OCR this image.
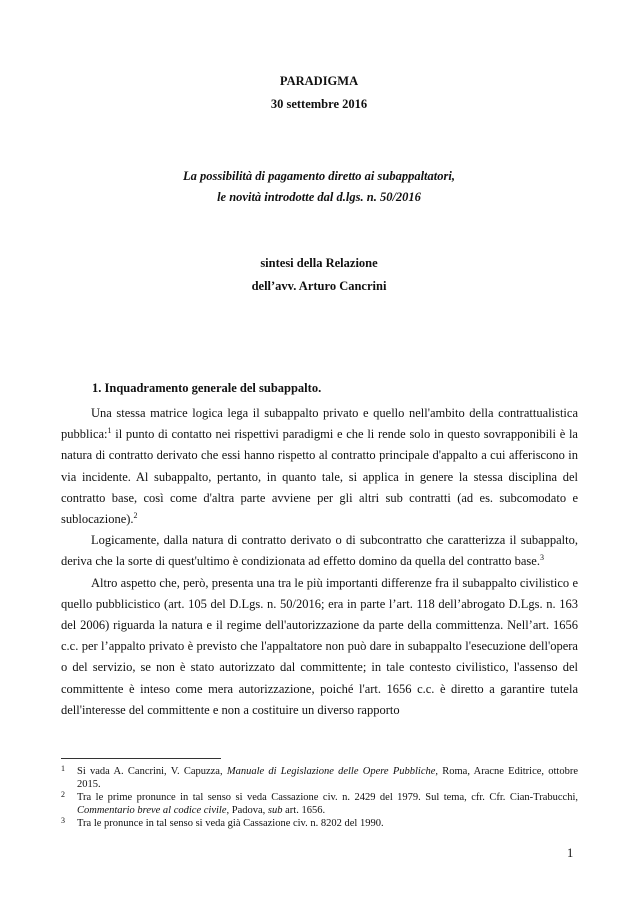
PARADIGMA
30 settembre 2016
La possibilità di pagamento diretto ai subappaltatori,
le novità introdotte dal d.lgs. n. 50/2016
sintesi della Relazione
dell’avv. Arturo Cancrini
1. Inquadramento generale del subappalto.

Una stessa matrice logica lega il subappalto privato e quello nell'ambito della contrattualistica pubblica:$^1$ il punto di contatto nei rispettivi paradigmi e che li rende solo in questo sovrapponibili è la natura di contratto derivato che essi hanno rispetto al contratto principale d'appalto a cui afferiscono in via incidente. Al subappalto, pertanto, in quanto tale, si applica in genere la stessa disciplina del contratto base, così come d'altra parte avviene per gli altri sub contratti (ad es. subcomodato e sublocazione).$^2$

Logicamente, dalla natura di contratto derivato o di subcontratto che caratterizza il subappalto, deriva che la sorte di quest'ultimo è condizionata ad effetto domino da quella del contratto base.$^3$

Altro aspetto che, però, presenta una tra le più importanti differenze fra il subappalto civilistico e quello pubblicistico (art. 105 del D.Lgs. n. 50/2016; era in parte l’art. 118 dell’abrogato D.Lgs. n. 163 del 2006) riguarda la natura e il regime dell'autorizzazione da parte della committenza. Nell’art. 1656 c.c. per l’appalto privato è previsto che l'appaltatore non può dare in subappalto l'esecuzione dell'opera o del servizio, se non è stato autorizzato dal committente; in tale contesto civilistico, l'assenso del committente è inteso come mera autorizzazione, poiché l'art. 1656 c.c. è diretto a garantire tutela dell'interesse del committente e non a costituire un diverso rapporto

1 Si vada A. Cancrini, V. Capuzza, Manuale di Legislazione delle Opere Pubbliche, Roma, Aracne Editrice, ottobre 2015.
2 Tra le prime pronunce in tal senso si veda Cassazione civ. n. 2429 del 1979. Sul tema, cfr. Cfr. Cian-Trabucchi, Commentario breve al codice civile, Padova, sub art. 1656.
3 Tra le pronunce in tal senso si veda già Cassazione civ. n. 8202 del 1990.
1
